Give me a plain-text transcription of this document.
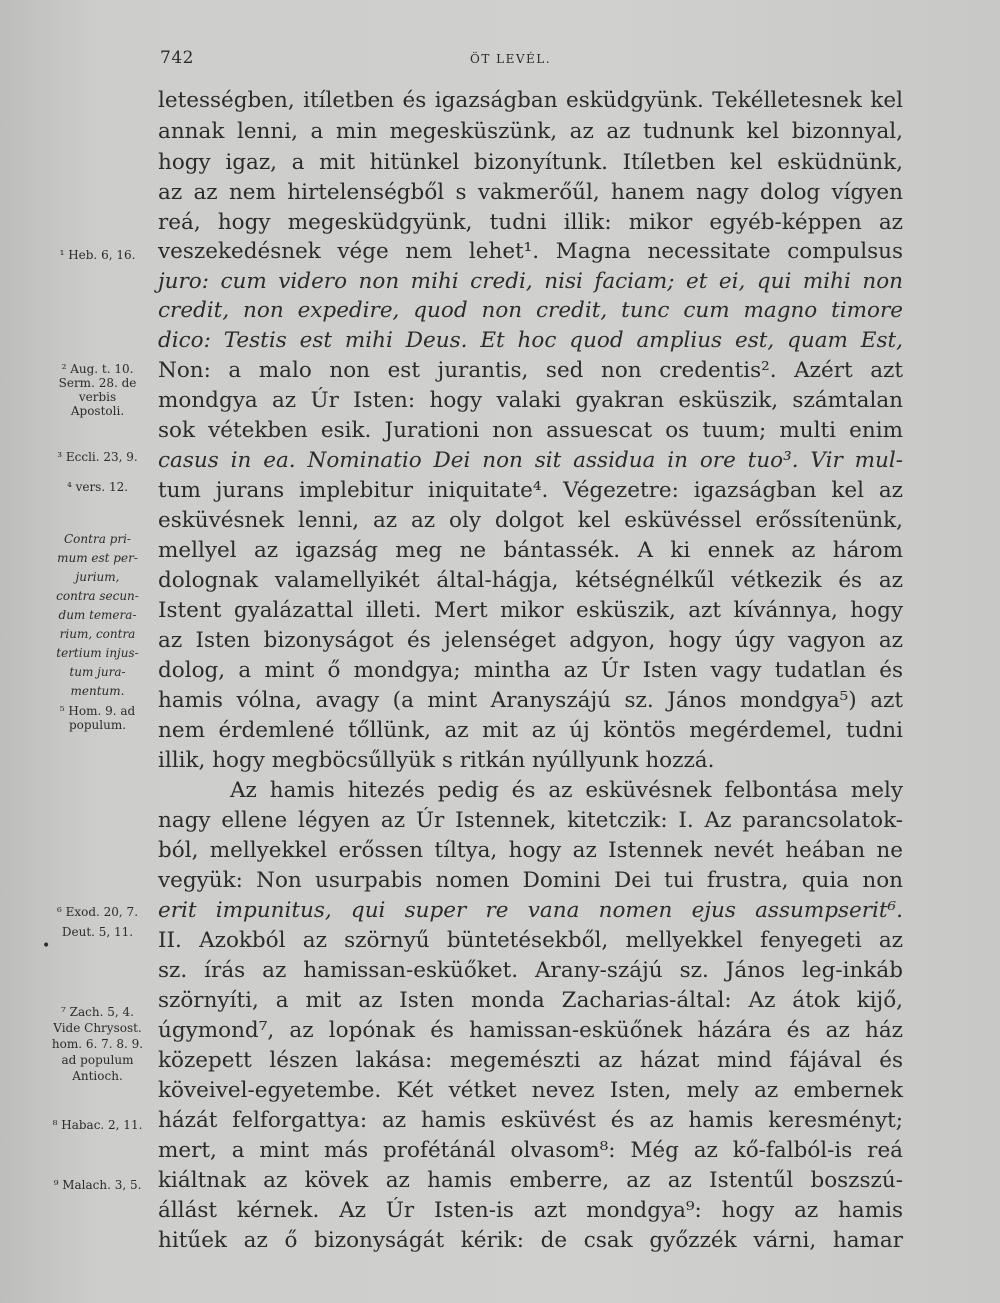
742	ÖT LEVÉL.
letességben, itíletben és igazságban esküdgyünk. Tekélletesnek kel
annak lenni, a min megesküszünk, az az tudnunk kel bizonnyal,
hogy igaz, a mit hitünkel bizonyítunk. Itíletben kel esküdnünk,
az az nem hirtelenségből s vakmerőűl, hanem nagy dolog vígyen
reá, hogy megesküdgyünk, tudni illik: mikor egyéb-képpen az
veszekedésnek vége nem lehet¹. Magna necessitate compulsus
juro: cum videro non mihi credi, nisi faciam; et ei, qui mihi non
credit, non expedire, quod non credit, tunc cum magno timore
dico: Testis est mihi Deus. Et hoc quod amplius est, quam Est,
Non: a malo non est jurantis, sed non credentis². Azért azt
mondgya az Úr Isten: hogy valaki gyakran esküszik, számtalan
sok vétekben esik. Jurationi non assuescat os tuum; multi enim
casus in ea. Nominatio Dei non sit assidua in ore tuo³. Vir mul-
tum jurans implebitur iniquitate⁴. Végezetre: igazságban kel az
esküvésnek lenni, az az oly dolgot kel esküvéssel erőssítenünk,
mellyel az igazság meg ne bántassék. A ki ennek az három
dolognak valamellyikét által-hágja, kétségnélkűl vétkezik és az
Istent gyalázattal illeti. Mert mikor esküszik, azt kívánnya, hogy
az Isten bizonyságot és jelenséget adgyon, hogy úgy vagyon az
dolog, a mint ő mondgya; mintha az Úr Isten vagy tudatlan és
hamis vólna, avagy (a mint Aranyszájú sz. János mondgya⁵) azt
nem érdemlené tőllünk, az mit az új köntös megérdemel, tudni
illik, hogy megböcsűllyük s ritkán nyúllyunk hozzá.
Az hamis hitezés pedig és az esküvésnek felbontása mely
nagy ellene légyen az Úr Istennek, kitetczik: I. Az parancsolatok-
ból, mellyekkel erőssen tíltya, hogy az Istennek nevét heában ne
vegyük: Non usurpabis nomen Domini Dei tui frustra, quia non
erit impunitus, qui super re vana nomen ejus assumpserit⁶.
II. Azokból az szörnyű büntetésekből, mellyekkel fenyegeti az
sz. írás az hamissan-esküőket. Arany-szájú sz. János leg-inkáb
szörnyíti, a mit az Isten monda Zacharias-által: Az átok kijő,
úgymond⁷, az lopónak és hamissan-esküőnek házára és az ház
közepett lészen lakása: megemészti az házat mind fájával és
köveivel-egyetembe. Két vétket nevez Isten, mely az embernek
házát felforgattya: az hamis esküvést és az hamis keresményt;
mert, a mint más profétánál olvasom⁸: Még az kő-falból-is reá
kiáltnak az kövek az hamis emberre, az az Istentűl boszszú-
állást kérnek. Az Úr Isten-is azt mondgya⁹: hogy az hamis
hitűek az ő bizonyságát kérik: de csak győzzék várni, hamar
¹ Heb. 6, 16.
² Aug. t. 10.
Serm. 28. de
verbis
Apostoli.
³ Eccli. 23, 9.
⁴ vers. 12.
Contra pri-
mum est per-
jurium,
contra secun-
dum temera-
rium, contra
tertium injus-
tum jura-
mentum.
⁵ Hom. 9. ad
populum.
⁶ Exod. 20, 7.
Deut. 5, 11.
•
⁷ Zach. 5, 4.
Vide Chrysost.
hom. 6. 7. 8. 9.
ad populum
Antioch.
⁸ Habac. 2, 11.
⁹ Malach. 3, 5.
